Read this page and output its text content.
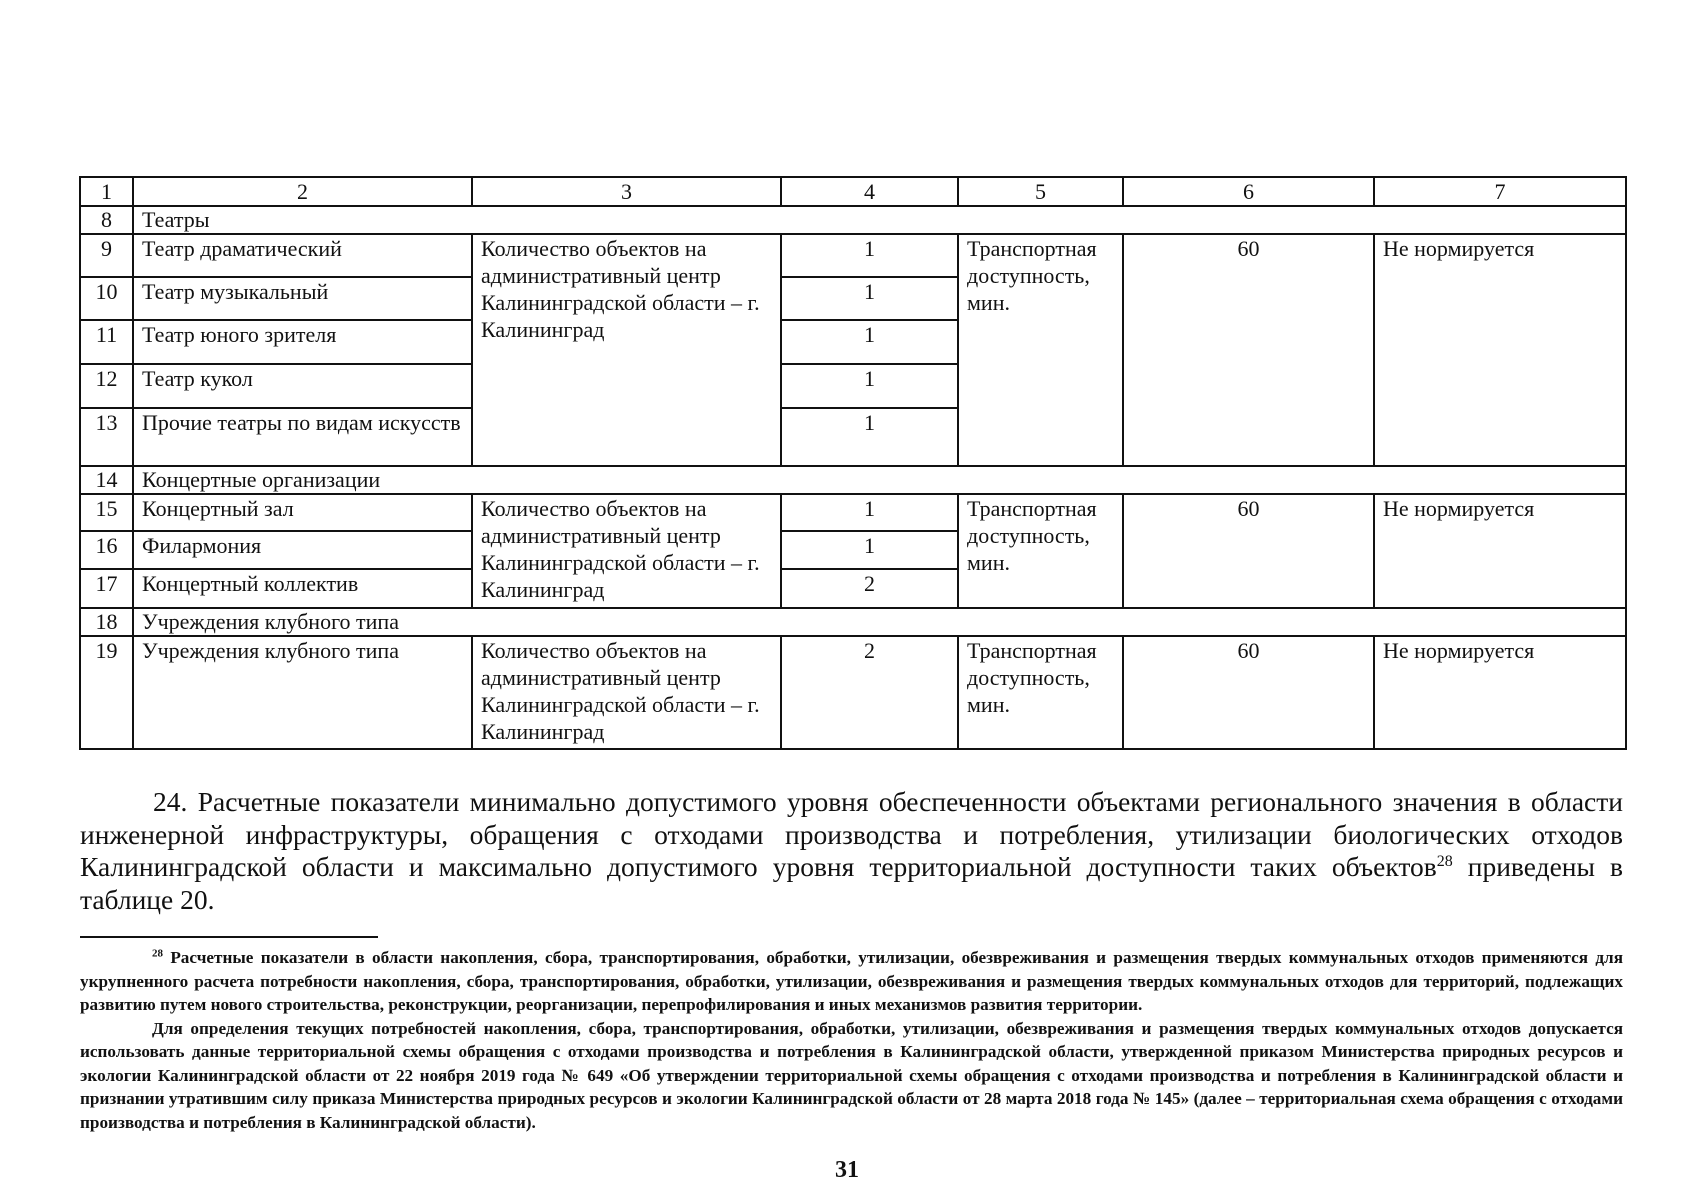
1	2	3	4	5	6	7
8	Театры					
9	Театр драматический	Количество объектов на административный центр Калининградской области – г. Калининград	1	Транспортная доступность, мин.	60	Не нормируется
10	Театр музыкальный		1			
11	Театр юного зрителя		1			
12	Театр кукол		1			
13	Прочие театры по видам искусств		1			
14	Концертные организации					
15	Концертный зал	Количество объектов на административный центр Калининградской области – г. Калининград	1	Транспортная доступность, мин.	60	Не нормируется
16	Филармония		1			
17	Концертный коллектив		2			
18	Учреждения клубного типа					
19	Учреждения клубного типа	Количество объектов на административный центр Калининградской области – г. Калининград	2	Транспортная доступность, мин.	60	Не нормируется
24. Расчетные показатели минимально допустимого уровня обеспеченности объектами регионального значения в области инженерной инфраструктуры, обращения с отходами производства и потребления, утилизации биологических отходов Калининградской области и максимально допустимого уровня территориальной доступности таких объектов$^{28}$ приведены в таблице 20.

$^{28}$ Расчетные показатели в области накопления, сбора, транспортирования, обработки, утилизации, обезвреживания и размещения твердых коммунальных отходов применяются для укрупненного расчета потребности накопления, сбора, транспортирования, обработки, утилизации, обезвреживания и размещения твердых коммунальных отходов для территорий, подлежащих развитию путем нового строительства, реконструкции, реорганизации, перепрофилирования и иных механизмов развития территории.

Для определения текущих потребностей накопления, сбора, транспортирования, обработки, утилизации, обезвреживания и размещения твердых коммунальных отходов допускается использовать данные территориальной схемы обращения с отходами производства и потребления в Калининградской области, утвержденной приказом Министерства природных ресурсов и экологии Калининградской области от 22 ноября 2019 года № 649 «Об утверждении территориальной схемы обращения с отходами производства и потребления в Калининградской области и признании утратившим силу приказа Министерства природных ресурсов и экологии Калининградской области от 28 марта 2018 года № 145» (далее – территориальная схема обращения с отходами производства и потребления в Калининградской области).

31
